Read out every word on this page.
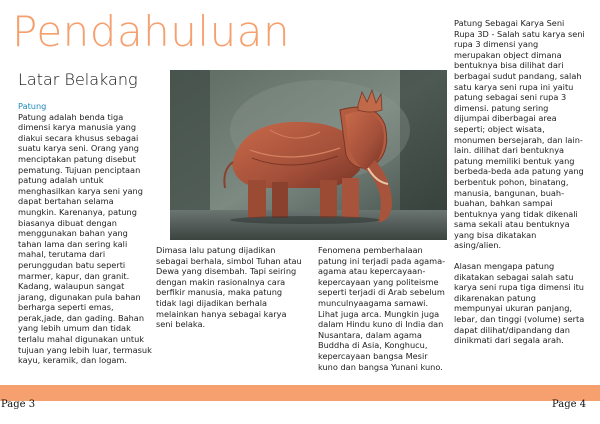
Pendahuluan
Latar Belakang
Patung

Patung adalah benda tiga dimensi karya manusia yang diakui secara khusus sebagai suatu karya seni. Orang yang menciptakan patung disebut pematung. Tujuan penciptaan patung adalah untuk menghasilkan karya seni yang dapat bertahan selama mungkin. Karenanya, patung biasanya dibuat dengan menggunakan bahan yang tahan lama dan sering kali mahal, terutama dari perunggudan batu seperti marmer, kapur, dan granit. Kadang, walaupun sangat jarang, digunakan pula bahan berharga seperti emas, perak,jade, dan gading. Bahan yang lebih umum dan tidak terlalu mahal digunakan untuk tujuan yang lebih luar, termasuk kayu, keramik, dan logam.

Dimasa lalu patung dijadikan sebagai berhala, simbol Tuhan atau Dewa yang disembah. Tapi seiring dengan makin rasionalnya cara berfikir manusia, maka patung tidak lagi dijadikan berhala melainkan hanya sebagai karya seni belaka.

Fenomena pemberhalaan patung ini terjadi pada agama-agama atau kepercayaan-kepercayaan yang politeisme seperti terjadi di Arab sebelum munculnyaagama samawi. Lihat juga arca. Mungkin juga dalam Hindu kuno di India dan Nusantara, dalam agama Buddha di Asia, Konghucu, kepercayaan bangsa Mesir kuno dan bangsa Yunani kuno.

Patung Sebagai Karya Seni Rupa 3D - Salah satu karya seni rupa 3 dimensi yang merupakan object dimana bentuknya bisa dilihat dari berbagai sudut pandang, salah satu karya seni rupa ini yaitu patung sebagai seni rupa 3 dimensi. patung sering dijumpai diberbagai area seperti; object wisata, monumen bersejarah, dan lain-lain. dilihat dari bentuknya patung memiliki bentuk yang berbeda-beda ada patung yang berbentuk pohon, binatang, manusia, bangunan, buah-buahan, bahkan sampai bentuknya yang tidak dikenali sama sekali atau bentuknya yang bisa dikatakan asing/alien.

Alasan mengapa patung dikatakan sebagai salah satu karya seni rupa tiga dimensi itu dikarenakan patung mempunyai ukuran panjang, lebar, dan tinggi (volume) serta dapat dilihat/dipandang dan dinikmati dari segala arah.

Page 3	Page 4
